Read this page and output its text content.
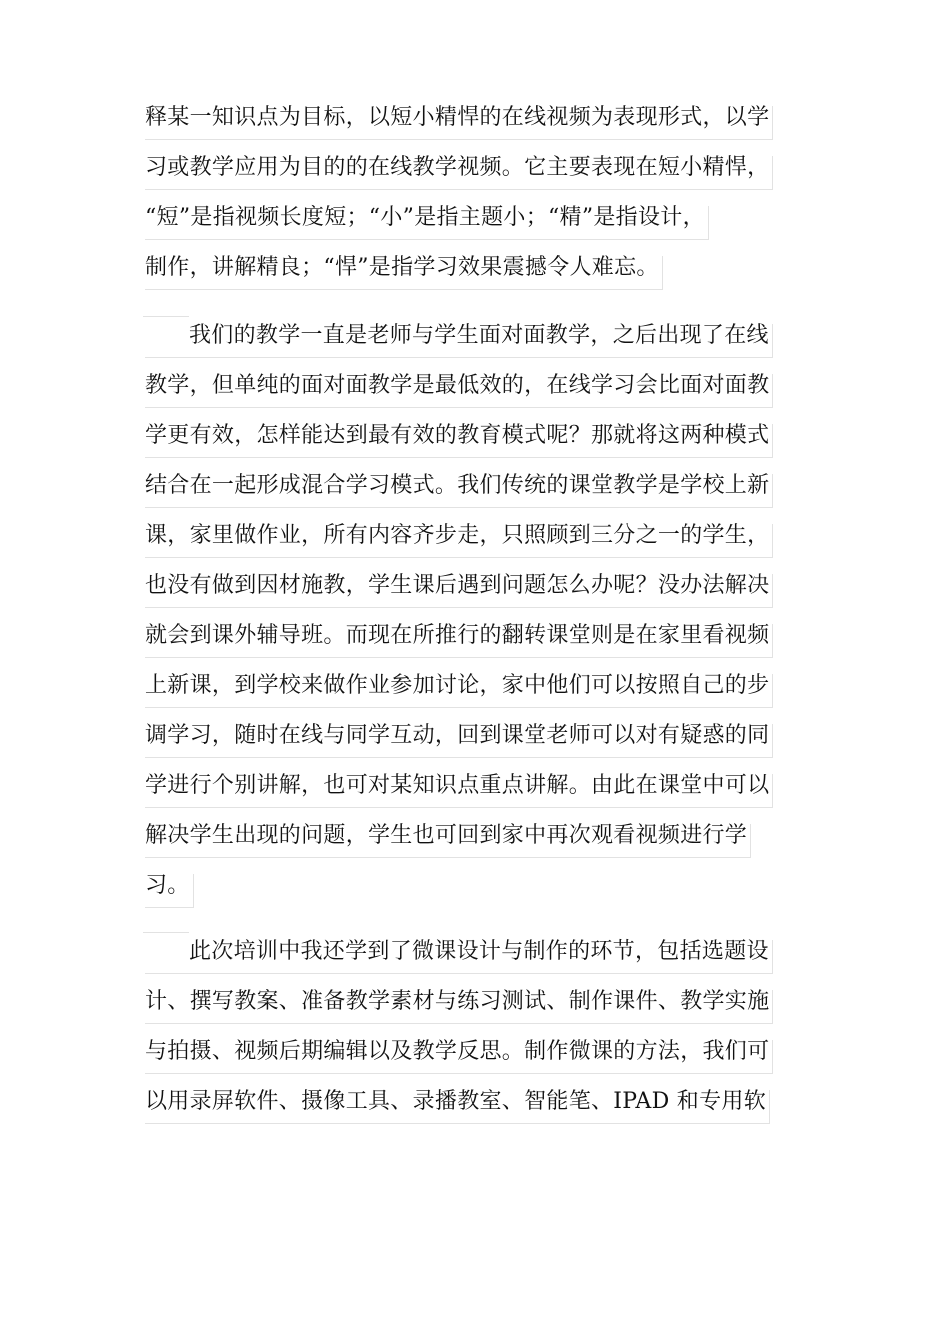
释某一知识点为目标，以短小精悍的在线视频为表现形式，以学
习或教学应用为目的的在线教学视频。它主要表现在短小精悍，
“短”是指视频长度短；“小”是指主题小；“精”是指设计，
制作，讲解精良；“悍”是指学习效果震撼令人难忘。
我们的教学一直是老师与学生面对面教学，之后出现了在线
教学，但单纯的面对面教学是最低效的，在线学习会比面对面教
学更有效，怎样能达到最有效的教育模式呢？那就将这两种模式
结合在一起形成混合学习模式。我们传统的课堂教学是学校上新
课，家里做作业，所有内容齐步走，只照顾到三分之一的学生，
也没有做到因材施教，学生课后遇到问题怎么办呢？没办法解决
就会到课外辅导班。而现在所推行的翻转课堂则是在家里看视频
上新课，到学校来做作业参加讨论，家中他们可以按照自己的步
调学习，随时在线与同学互动，回到课堂老师可以对有疑惑的同
学进行个别讲解，也可对某知识点重点讲解。由此在课堂中可以
解决学生出现的问题，学生也可回到家中再次观看视频进行学
习。
此次培训中我还学到了微课设计与制作的环节，包括选题设
计、撰写教案、准备教学素材与练习测试、制作课件、教学实施
与拍摄、视频后期编辑以及教学反思。制作微课的方法，我们可
以用录屏软件、摄像工具、录播教室、智能笔、IPAD 和专用软
